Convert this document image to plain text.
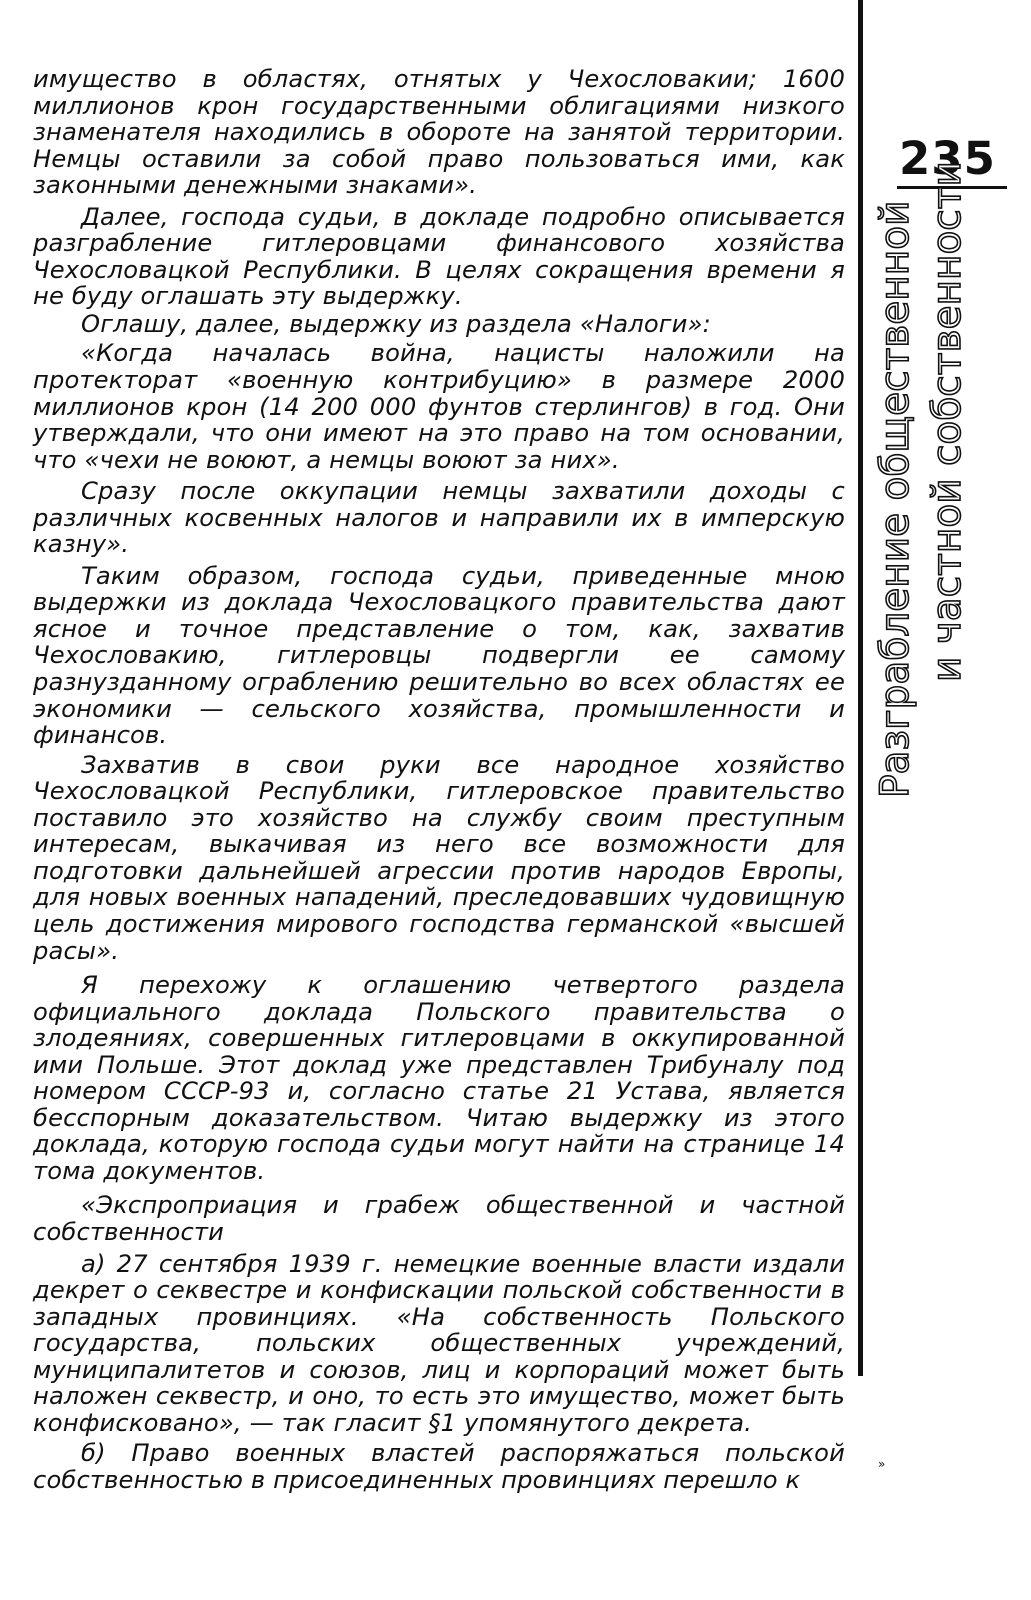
235
Разграбление общественной и частной собственности
»

имущество в областях, отнятых у Чехословакии; 1600 миллионов крон государственными облигациями низкого знаменателя находились в обороте на занятой территории. Немцы оставили за собой право пользоваться ими, как законными денежными знаками».

Далее, господа судьи, в докладе подробно описывается разграбление гитлеровцами финансового хозяйства Чехословацкой Республики. В целях сокращения времени я не буду оглашать эту выдержку.

Оглашу, далее, выдержку из раздела «Налоги»:

«Когда началась война, нацисты наложили на протекторат «военную контрибуцию» в размере 2000 миллионов крон (14 200 000 фунтов стерлингов) в год. Они утверждали, что они имеют на это право на том основании, что «чехи не воюют, а немцы воюют за них».

Сразу после оккупации немцы захватили доходы с различных косвенных налогов и направили их в имперскую казну».

Таким образом, господа судьи, приведенные мною выдержки из доклада Чехословацкого правительства дают ясное и точное представление о том, как, захватив Чехословакию, гитлеровцы подвергли ее самому разнузданному ограблению решительно во всех областях ее экономики — сельского хозяйства, промышленности и финансов.

Захватив в свои руки все народное хозяйство Чехословацкой Республики, гитлеровское правительство поставило это хозяйство на службу своим преступным интересам, выкачивая из него все возможности для подготовки дальнейшей агрессии против народов Европы, для новых военных нападений, преследовавших чудовищную цель достижения мирового господства германской «высшей расы».

Я перехожу к оглашению четвертого раздела официального доклада Польского правительства о злодеяниях, совершенных гитлеровцами в оккупированной ими Польше. Этот доклад уже представлен Трибуналу под номером СССР-93 и, согласно статье 21 Устава, является бесспорным доказательством. Читаю выдержку из этого доклада, которую господа судьи могут найти на странице 14 тома документов.

«Экспроприация и грабеж общественной и частной собственности

а) 27 сентября 1939 г. немецкие военные власти издали декрет о секвестре и конфискации польской собственности в западных провинциях. «На собственность Польского государства, польских общественных учреждений, муниципалитетов и союзов, лиц и корпораций может быть наложен секвестр, и оно, то есть это имущество, может быть конфисковано», — так гласит §1 упомянутого декрета.

б) Право военных властей распоряжаться польской собственностью в присоединенных провинциях перешло к
